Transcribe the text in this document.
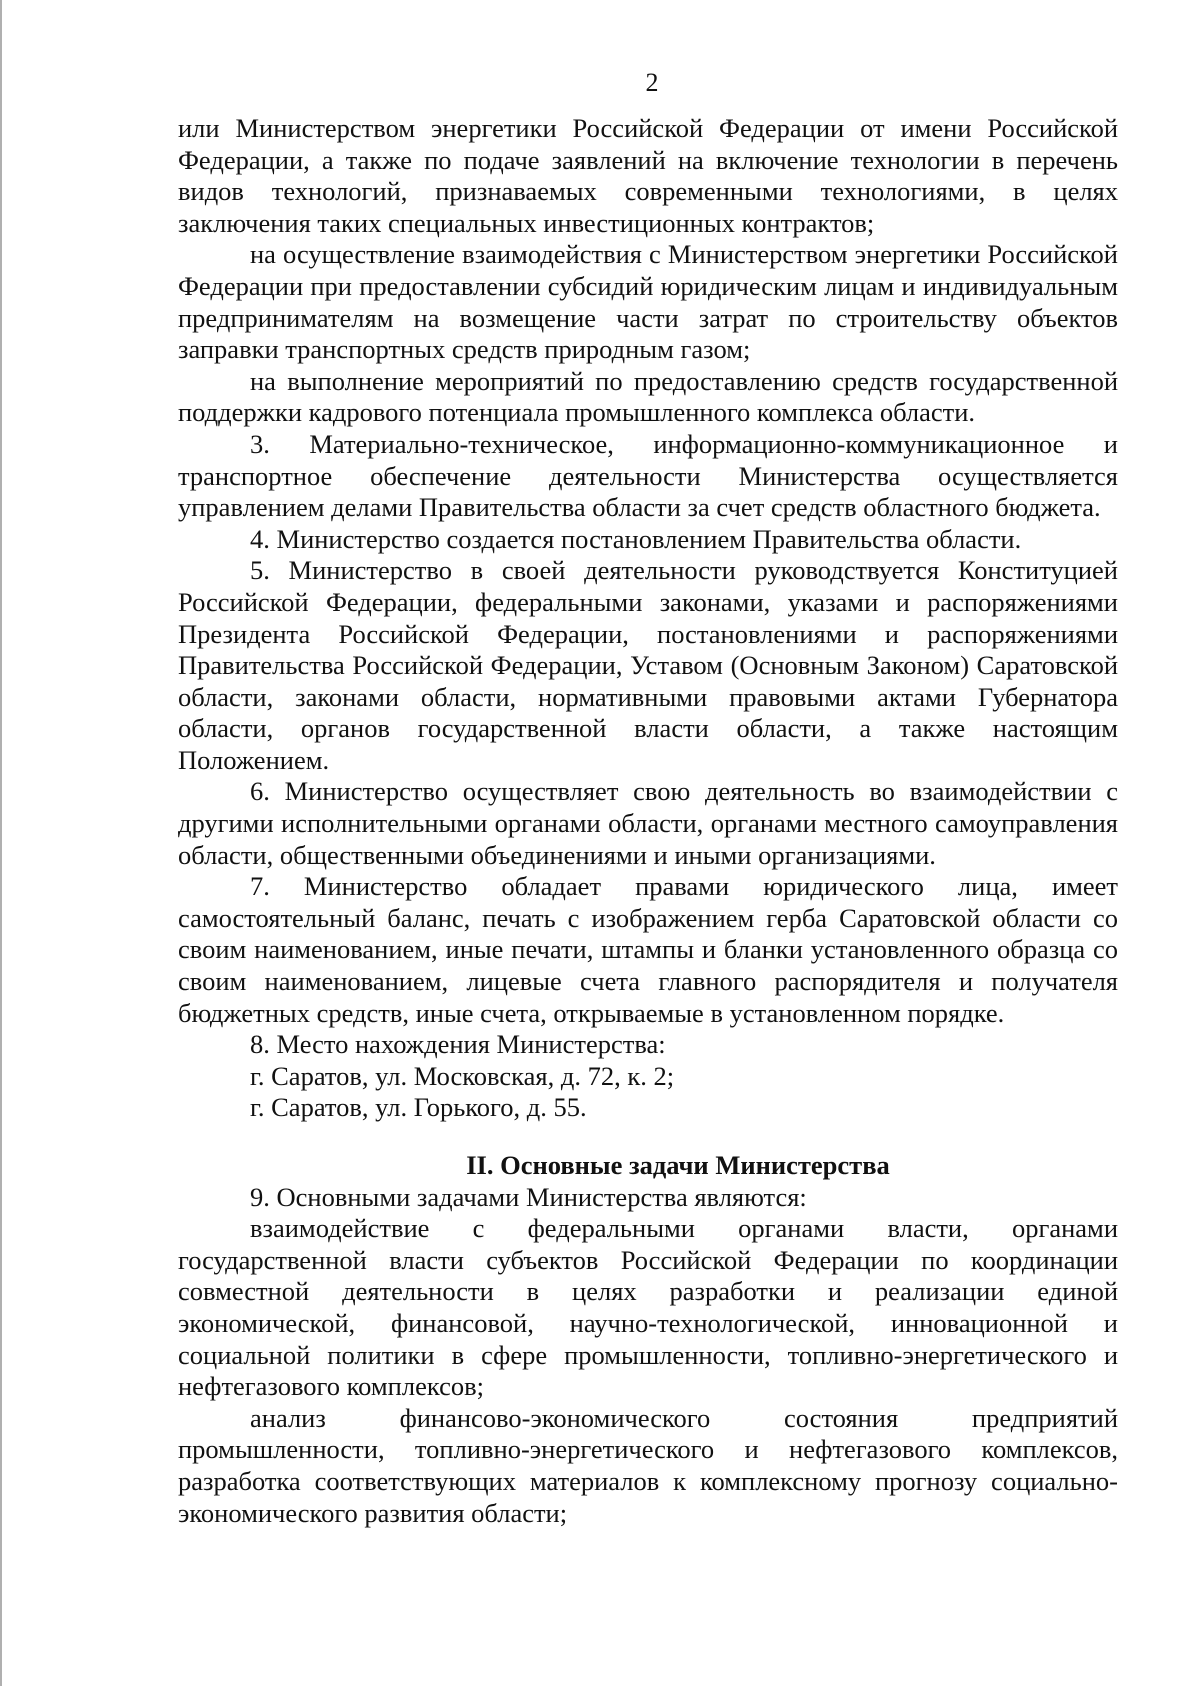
2

или Министерством энергетики Российской Федерации от имени Российской Федерации, а также по подаче заявлений на включение технологии в перечень видов технологий, признаваемых современными технологиями, в целях заключения таких специальных инвестиционных контрактов;

на осуществление взаимодействия с Министерством энергетики Российской Федерации при предоставлении субсидий юридическим лицам и индивидуальным предпринимателям на возмещение части затрат по строительству объектов заправки транспортных средств природным газом;

на выполнение мероприятий по предоставлению средств государственной поддержки кадрового потенциала промышленного комплекса области.

3. Материально-техническое, информационно-коммуникационное и транспортное обеспечение деятельности Министерства осуществляется управлением делами Правительства области за счет средств областного бюджета.

4. Министерство создается постановлением Правительства области.

5. Министерство в своей деятельности руководствуется Конституцией Российской Федерации, федеральными законами, указами и распоряжениями Президента Российской Федерации, постановлениями и распоряжениями Правительства Российской Федерации, Уставом (Основным Законом) Саратовской области, законами области, нормативными правовыми актами Губернатора области, органов государственной власти области, а также настоящим Положением.

6. Министерство осуществляет свою деятельность во взаимодействии с другими исполнительными органами области, органами местного самоуправления области, общественными объединениями и иными организациями.

7. Министерство обладает правами юридического лица, имеет самостоятельный баланс, печать с изображением герба Саратовской области со своим наименованием, иные печати, штампы и бланки установленного образца со своим наименованием, лицевые счета главного распорядителя и получателя бюджетных средств, иные счета, открываемые в установленном порядке.

8. Место нахождения Министерства:

г. Саратов, ул. Московская, д. 72, к. 2;

г. Саратов, ул. Горького, д. 55.

II. Основные задачи Министерства

9. Основными задачами Министерства являются:

взаимодействие с федеральными органами власти, органами государственной власти субъектов Российской Федерации по координации совместной деятельности в целях разработки и реализации единой экономической, финансовой, научно-технологической, инновационной и социальной политики в сфере промышленности, топливно-энергетического и нефтегазового комплексов;

анализ финансово-экономического состояния предприятий промышленности, топливно-энергетического и нефтегазового комплексов, разработка соответствующих материалов к комплексному прогнозу социально-экономического развития области;
